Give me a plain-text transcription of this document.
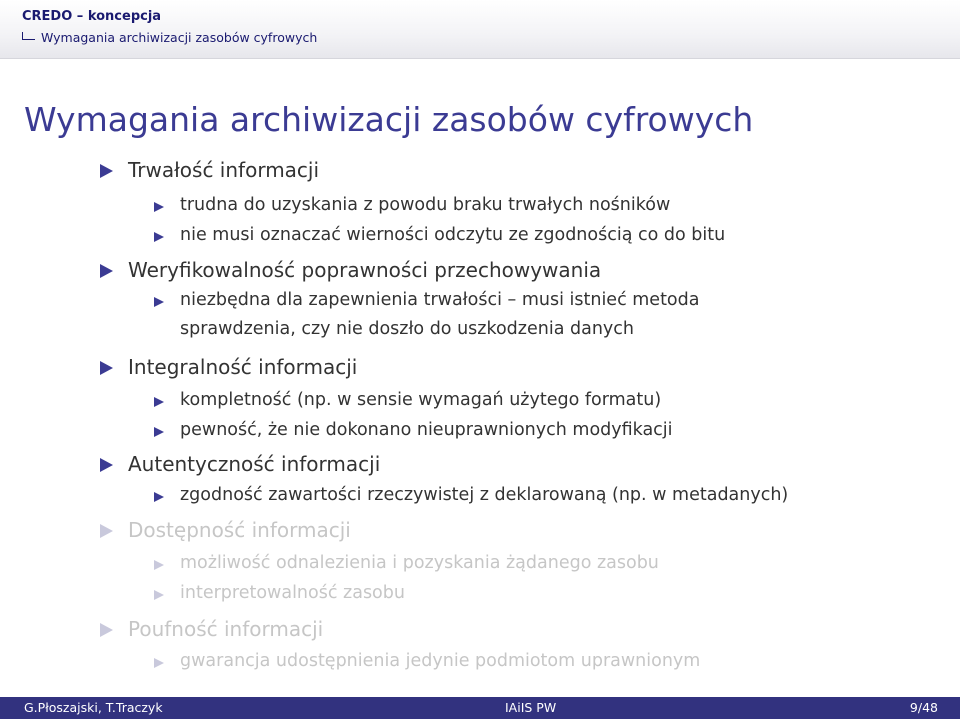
CREDO – koncepcja
Wymagania archiwizacji zasobów cyfrowych
Wymagania archiwizacji zasobów cyfrowych
Trwałość informacji
trudna do uzyskania z powodu braku trwałych nośników
nie musi oznaczać wierności odczytu ze zgodnością co do bitu
Weryfikowalność poprawności przechowywania
niezbędna dla zapewnienia trwałości – musi istnieć metoda
sprawdzenia, czy nie doszło do uszkodzenia danych
Integralność informacji
kompletność (np. w sensie wymagań użytego formatu)
pewność, że nie dokonano nieuprawnionych modyfikacji
Autentyczność informacji
zgodność zawartości rzeczywistej z deklarowaną (np. w metadanych)
Dostępność informacji
możliwość odnalezienia i pozyskania żądanego zasobu
interpretowalność zasobu
Poufność informacji
gwarancja udostępnienia jedynie podmiotom uprawnionym
G.Płoszajski, T.Traczyk	IAiIS PW	9/48
